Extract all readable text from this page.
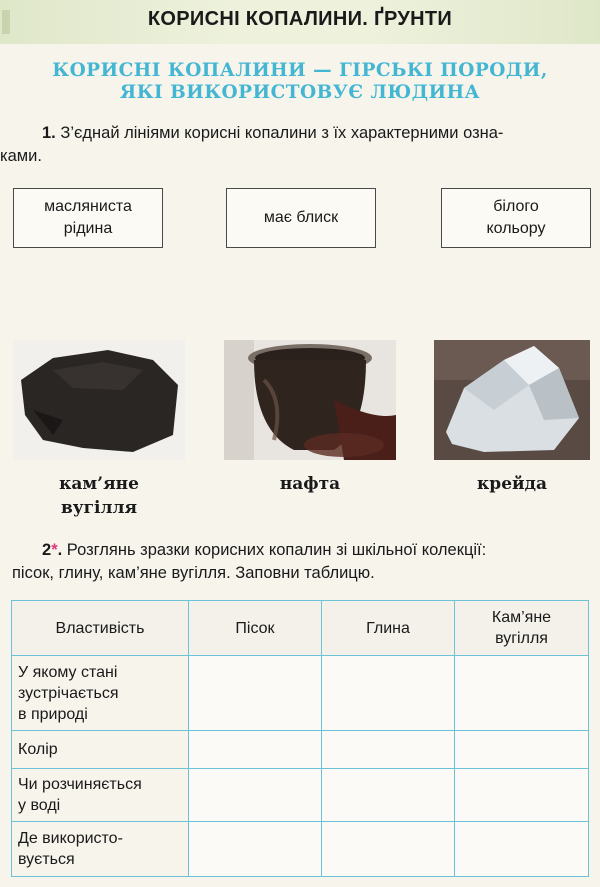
КОРИСНІ КОПАЛИНИ. ҐРУНТИ
КОРИСНІ КОПАЛИНИ — ГІРСЬКІ ПОРОДИ,
ЯКІ ВИКОРИСТОВУЄ ЛЮДИНА
1. З’єднай лініями корисні копалини з їх характерними озна-
ками.
масляниста
рідина
має блиск
білого
кольору
кам’яне
вугілля
нафта	крейда
2*. Розглянь зразки корисних копалин зі шкільної колекції:
пісок, глину, кам’яне вугілля. Заповни таблицю.
Властивість	Пісок	Глина	Кам’яне
вугілля

У якому стані
зустрічається
в природі			

Колір			

Чи розчиняється
у воді			

Де використо-
вується			
